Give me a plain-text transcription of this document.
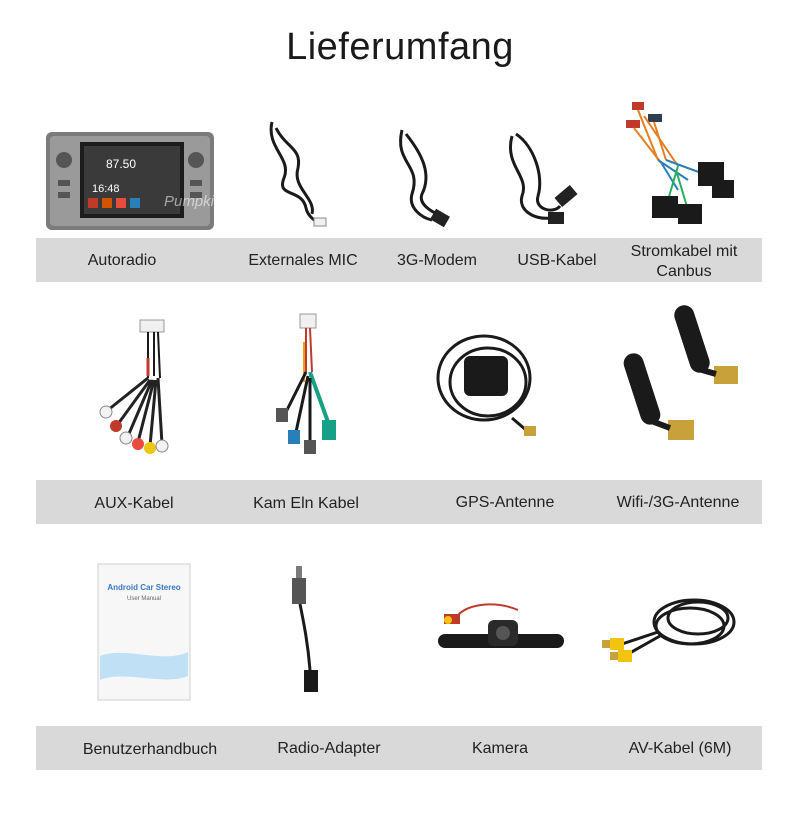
Lieferumfang
87.50
16:48
Pumpkin
Autoradio	Externales MIC	3G-Modem	USB-Kabel
Stromkabel mit Canbus
AUX-Kabel	Kam Eln Kabel	GPS-Antenne	Wifi-/3G-Antenne
Android Car Stereo
User Manual
Benutzerhandbuch	Radio-Adapter	Kamera	AV-Kabel (6M)
